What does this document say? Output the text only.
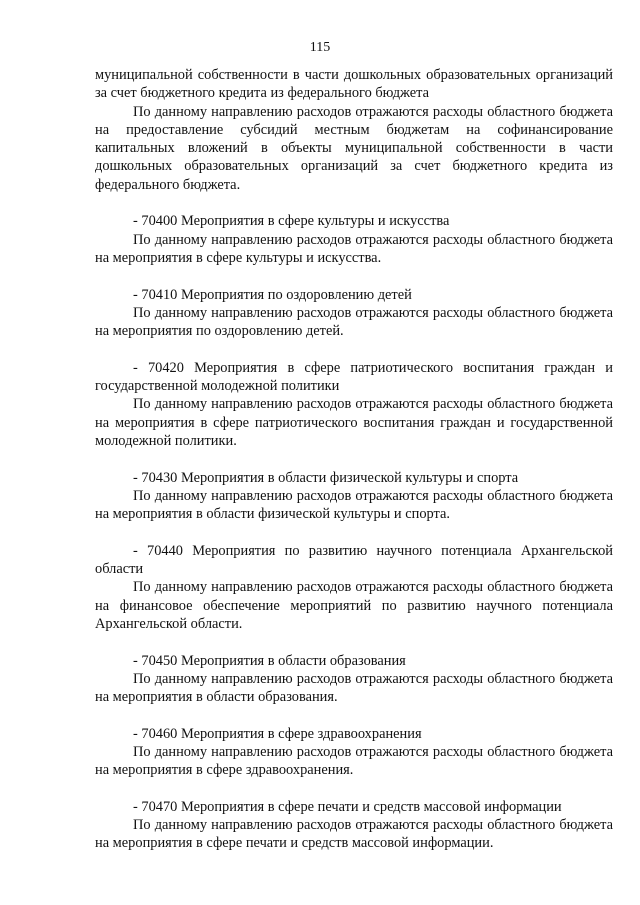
115

муниципальной собственности в части дошкольных образовательных организаций за счет бюджетного кредита из федерального бюджета

По данному направлению расходов отражаются расходы областного бюджета на предоставление субсидий местным бюджетам на софинансирование капитальных вложений в объекты муниципальной собственности в части дошкольных образовательных организаций за счет бюджетного кредита из федерального бюджета.

- 70400 Мероприятия в сфере культуры и искусства

По данному направлению расходов отражаются расходы областного бюджета на мероприятия в сфере культуры и искусства.

- 70410 Мероприятия по оздоровлению детей

По данному направлению расходов отражаются расходы областного бюджета на мероприятия по оздоровлению детей.

- 70420 Мероприятия в сфере патриотического воспитания граждан и государственной молодежной политики

По данному направлению расходов отражаются расходы областного бюджета на мероприятия в сфере патриотического воспитания граждан и государственной молодежной политики.

- 70430 Мероприятия в области физической культуры и спорта

По данному направлению расходов отражаются расходы областного бюджета на мероприятия в области физической культуры и спорта.

- 70440 Мероприятия по развитию научного потенциала Архангельской области

По данному направлению расходов отражаются расходы областного бюджета на финансовое обеспечение мероприятий по развитию научного потенциала Архангельской области.

- 70450 Мероприятия в области образования

По данному направлению расходов отражаются расходы областного бюджета на мероприятия в области образования.

- 70460 Мероприятия в сфере здравоохранения

По данному направлению расходов отражаются расходы областного бюджета на мероприятия в сфере здравоохранения.

- 70470 Мероприятия в сфере печати и средств массовой информации

По данному направлению расходов отражаются расходы областного бюджета на мероприятия в сфере печати и средств массовой информации.
